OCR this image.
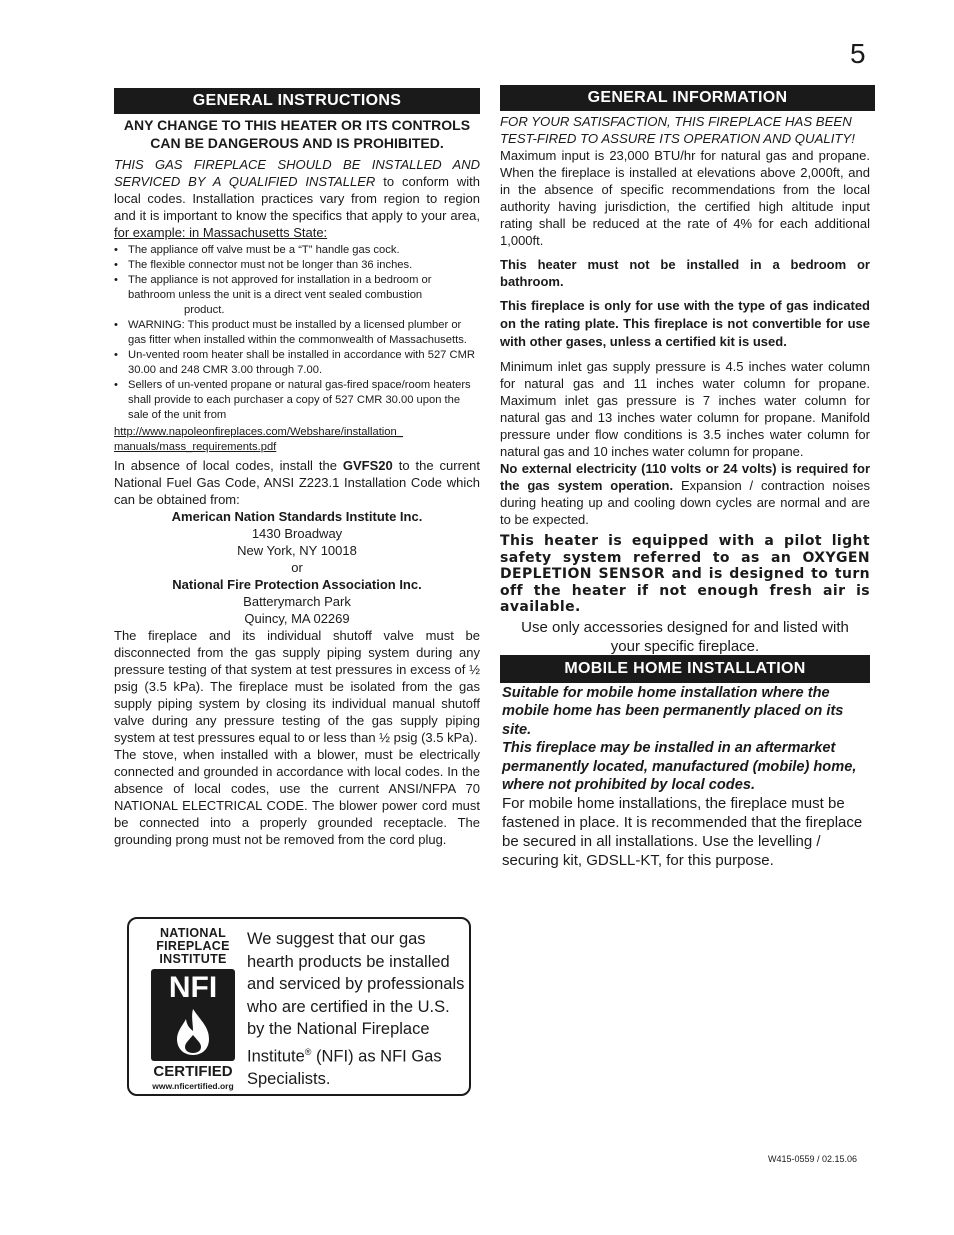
5
GENERAL INSTRUCTIONS

ANY CHANGE TO THIS HEATER OR ITS CONTROLS CAN BE DANGEROUS AND IS PROHIBITED.

THIS GAS FIREPLACE SHOULD BE INSTALLED AND SERVICED BY A QUALIFIED INSTALLER to conform with local codes. Installation practices vary from region to region and it is important to know the specifics that apply to your area, for example: in Massachusetts State:

• The appliance off valve must be a “T” handle gas cock.
• The flexible connector must not be longer than 36 inches.
• The appliance is not approved for installation in a bedroom or bathroom unless the unit is a direct vent sealed combustion
product.
• WARNING: This product must be installed by a licensed plumber or gas fitter when installed within the commonwealth of Massachusetts.
• Un-vented room heater shall be installed in accordance with 527 CMR 30.00 and 248 CMR 3.00 through 7.00.
• Sellers of un-vented propane or natural gas-fired space/room heaters shall provide to each purchaser a copy of 527 CMR 30.00 upon the sale of the unit from

http://www.napoleonfireplaces.com/Webshare/installation_
manuals/mass_requirements.pdf

In absence of local codes, install the GVFS20 to the current National Fuel Gas Code, ANSI Z223.1 Installation Code which can be obtained from:

American Nation Standards Institute Inc.

1430 Broadway

New York, NY 10018

or

National Fire Protection Association Inc.

Batterymarch Park

Quincy, MA 02269

The fireplace and its individual shutoff valve must be disconnected from the gas supply piping system during any pressure testing of that system at test pressures in excess of ½ psig (3.5 kPa). The fireplace must be isolated from the gas supply piping system by closing its individual manual shutoff valve during any pressure testing of the gas supply piping system at test pressures equal to or less than ½ psig (3.5 kPa).

The stove, when installed with a blower, must be electrically connected and grounded in accordance with local codes. In the absence of local codes, use the current ANSI/NFPA 70 NATIONAL ELECTRICAL CODE. The blower power cord must be connected into a properly grounded receptacle. The grounding prong must not be removed from the cord plug.

NATIONAL
FIREPLACE
INSTITUTE
NFI
CERTIFIED
www.nficertified.org
We suggest that our gas hearth products be installed and serviced by professionals who are certified in the U.S. by the National Fireplace Institute® (NFI) as NFI Gas Specialists.
GENERAL INFORMATION

FOR YOUR SATISFACTION, THIS FIREPLACE HAS BEEN TEST-FIRED TO ASSURE ITS OPERATION AND QUALITY!

Maximum input is 23,000 BTU/hr for natural gas and propane. When the fireplace is installed at elevations above 2,000ft, and in the absence of specific recommendations from the local authority having jurisdiction, the certified high altitude input rating shall be reduced at the rate of 4% for each additional 1,000ft.

This heater must not be installed in a bedroom or bathroom.

This fireplace is only for use with the type of gas indicated on the rating plate. This fireplace is not convertible for use with other gases, unless a certified kit is used.

Minimum inlet gas supply pressure is 4.5 inches water column for natural gas and 11 inches water column for propane. Maximum inlet gas pressure is 7 inches water column for natural gas and 13 inches water column for propane. Manifold pressure under flow conditions is 3.5 inches water column for natural gas and 10 inches water column for propane.

No external electricity (110 volts or 24 volts) is required for the gas system operation. Expansion / contraction noises during heating up and cooling down cycles are normal and are to be expected.

This heater is equipped with a pilot light safety system referred to as an OXYGEN DEPLETION SENSOR and is designed to turn off the heater if not enough fresh air is available.

Use only accessories designed for and listed with your specific fireplace.

MOBILE HOME INSTALLATION

Suitable for mobile home installation where the mobile home has been permanently placed on its site.

This fireplace may be installed in an aftermarket permanently located, manufactured (mobile) home, where not prohibited by local codes.

For mobile home installations, the fireplace must be fastened in place. It is recommended that the fireplace be secured in all installations. Use the levelling / securing kit, GDSLL-KT, for this purpose.

W415-0559 / 02.15.06
